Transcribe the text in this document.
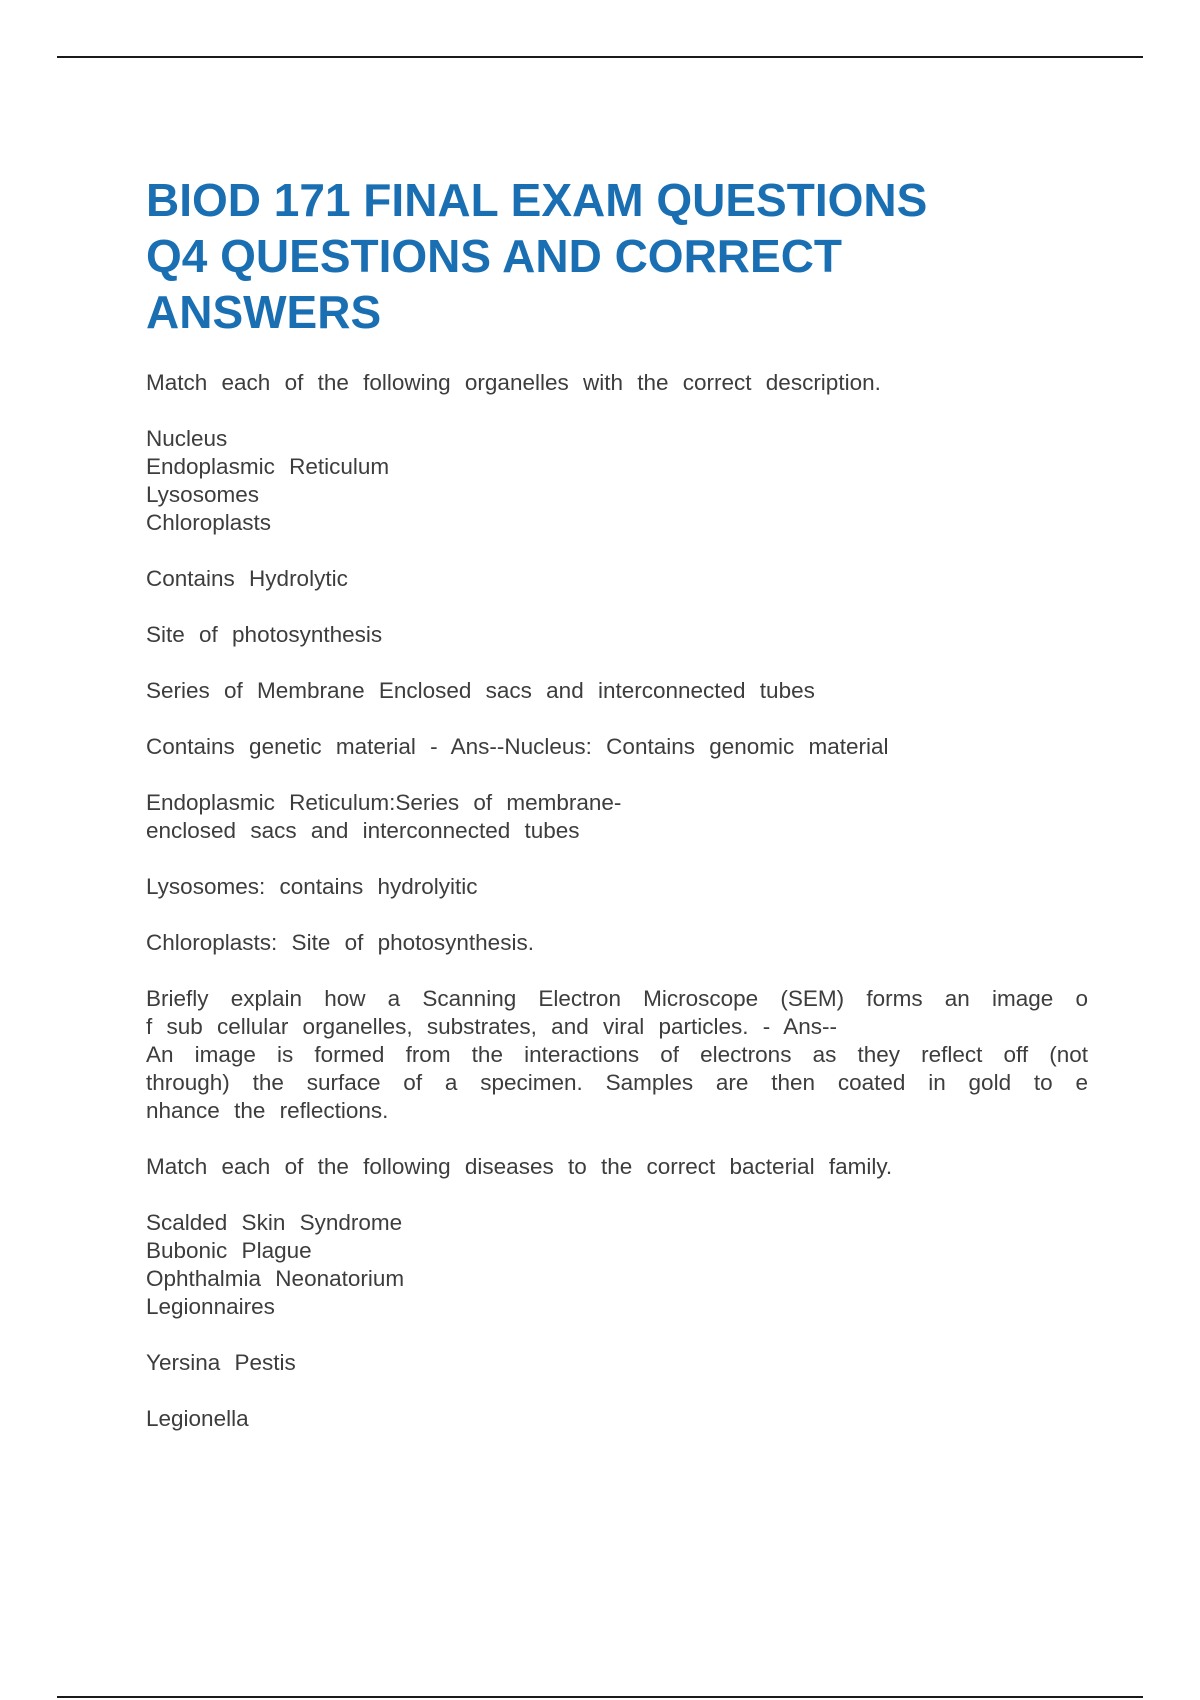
BIOD 171 FINAL EXAM QUESTIONS
Q4 QUESTIONS AND CORRECT
ANSWERS

Match each of the following organelles with the correct description.

Nucleus
Endoplasmic Reticulum
Lysosomes
Chloroplasts

Contains Hydrolytic

Site of photosynthesis

Series of Membrane Enclosed sacs and interconnected tubes

Contains genetic material - Ans--Nucleus: Contains genomic material

Endoplasmic Reticulum:Series of membrane-
enclosed sacs and interconnected tubes

Lysosomes: contains hydrolyitic

Chloroplasts: Site of photosynthesis.

Briefly explain how a Scanning Electron Microscope (SEM) forms an image o
f sub cellular organelles, substrates, and viral particles. - Ans--
An image is formed from the interactions of electrons as they reflect off (not
through) the surface of a specimen. Samples are then coated in gold to e
nhance the reflections.

Match each of the following diseases to the correct bacterial family.

Scalded Skin Syndrome
Bubonic Plague
Ophthalmia Neonatorium
Legionnaires

Yersina Pestis

Legionella
